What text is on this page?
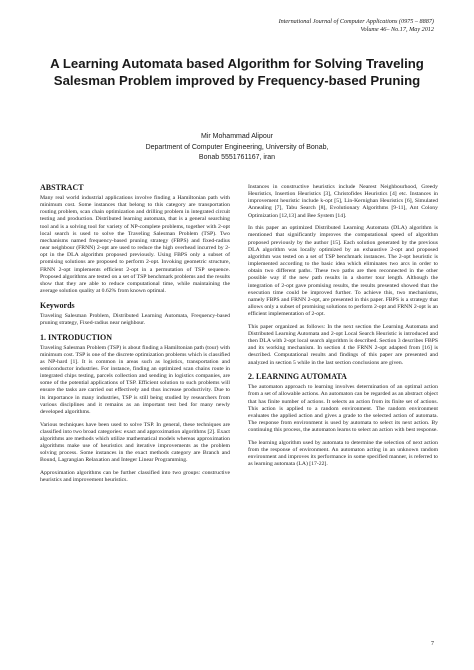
International Journal of Computer Applications (0975 – 8887)
Volume 46– No.17, May 2012
A Learning Automata based Algorithm for Solving Traveling Salesman Problem improved by Frequency-based Pruning
Mir Mohammad Alipour
Department of Computer Engineering, University of Bonab,
Bonab 5551761167, iran
ABSTRACT

Many real world industrial applications involve finding a Hamiltonian path with minimum cost. Some instances that belong to this category are transportation routing problem, scan chain optimization and drilling problem in integrated circuit testing and production. Distributed learning automata, that is a general searching tool and is a solving tool for variety of NP-complete problems, together with 2-opt local search is used to solve the Traveling Salesman Problem (TSP). Two mechanisms named frequency-based pruning strategy (FBPS) and fixed-radius near neighbour (FRNN) 2-opt are used to reduce the high overhead incurred by 2-opt in the DLA algorithm proposed previously. Using FBPS only a subset of promising solutions are proposed to perform 2-opt. Invoking geometric structure, FRNN 2-opt implements efficient 2-opt in a permutation of TSP sequence. Proposed algorithms are tested on a set of TSP benchmark problems and the results show that they are able to reduce computational time, while maintaining the average solution quality at 0.62% from known optimal.

Keywords

Traveling Salesman Problem, Distributed Learning Automata, Frequency-based pruning strategy, Fixed-radius near neighbour.

1. INTRODUCTION

Traveling Salesman Problem (TSP) is about finding a Hamiltonian path (tour) with minimum cost. TSP is one of the discrete optimization problems which is classified as NP-hard [1]. It is common in areas such as logistics, transportation and semiconductor industries. For instance, finding an optimized scan chains route in integrated chips testing, parcels collection and sending in logistics companies, are some of the potential applications of TSP. Efficient solution to such problems will ensure the tasks are carried out effectively and thus increase productivity. Due to its importance in many industries, TSP is still being studied by researchers from various disciplines and it remains as an important test bed for many newly developed algorithms.

Various techniques have been used to solve TSP. In general, these techniques are classified into two broad categories: exact and approximation algorithms [2]. Exact algorithms are methods which utilize mathematical models whereas approximation algorithms make use of heuristics and iterative improvements as the problem solving process. Some instances in the exact methods category are Branch and Bound, Lagrangian Relaxation and Integer Linear Programming.

Approximation algorithms can be further classified into two groups: constructive heuristics and improvement heuristics.

Instances in constructive heuristics include Nearest Neighbourhood, Greedy Heuristics, Insertion Heuristics [3], Christofides Heuristics [4] etc. Instances in improvement heuristic include k-opt [5], Lin-Kernighan Heuristics [6], Simulated Annealing [7], Tabu Search [8], Evolutionary Algorithms [9-11], Ant Colony Optimization [12,13] and Bee System [14].

In this paper an optimized Distributed Learning Automata (DLA) algorithm is mentioned that significantly improves the computational speed of algorithm proposed previously by the author [15]. Each solution generated by the previous DLA algorithm was locally optimized by an exhaustive 2-opt and proposed algorithm was tested on a set of TSP benchmark instances. The 2-opt heuristic is implemented according to the basic idea which eliminates two arcs in order to obtain two different paths. These two paths are then reconnected in the other possible way if the new path results in a shorter tour length. Although the integration of 2-opt gave promising results, the results presented showed that the execution time could be improved further. To achieve this, two mechanisms, namely FBPS and FRNN 2-opt, are presented in this paper. FBPS is a strategy that allows only a subset of promising solutions to perform 2-opt and FRNN 2-opt is an efficient implementation of 2-opt.

This paper organized as follows: In the next section the Learning Automata and Distributed Learning Automata and 2-opt Local Search Heuristic is introduced and then DLA with 2-opt local search algorithm is described. Section 3 describes FBPS and its working mechanism. In section 4 the FRNN 2-opt adapted from [16] is described. Computational results and findings of this paper are presented and analyzed in section 5 while in the last section conclusions are given.

2. LEARNING AUTOMATA

The automaton approach to learning involves determination of an optimal action from a set of allowable actions. An automaton can be regarded as an abstract object that has finite number of actions. It selects an action from its finite set of actions. This action is applied to a random environment. The random environment evaluates the applied action and gives a grade to the selected action of automata. The response from environment is used by automata to select its next action. By continuing this process, the automaton learns to select an action with best response.

The learning algorithm used by automata to determine the selection of next action from the response of environment. An automaton acting in an unknown random environment and improves its performance in some specified manner, is referred to as learning automata (LA) [17-22].

7
